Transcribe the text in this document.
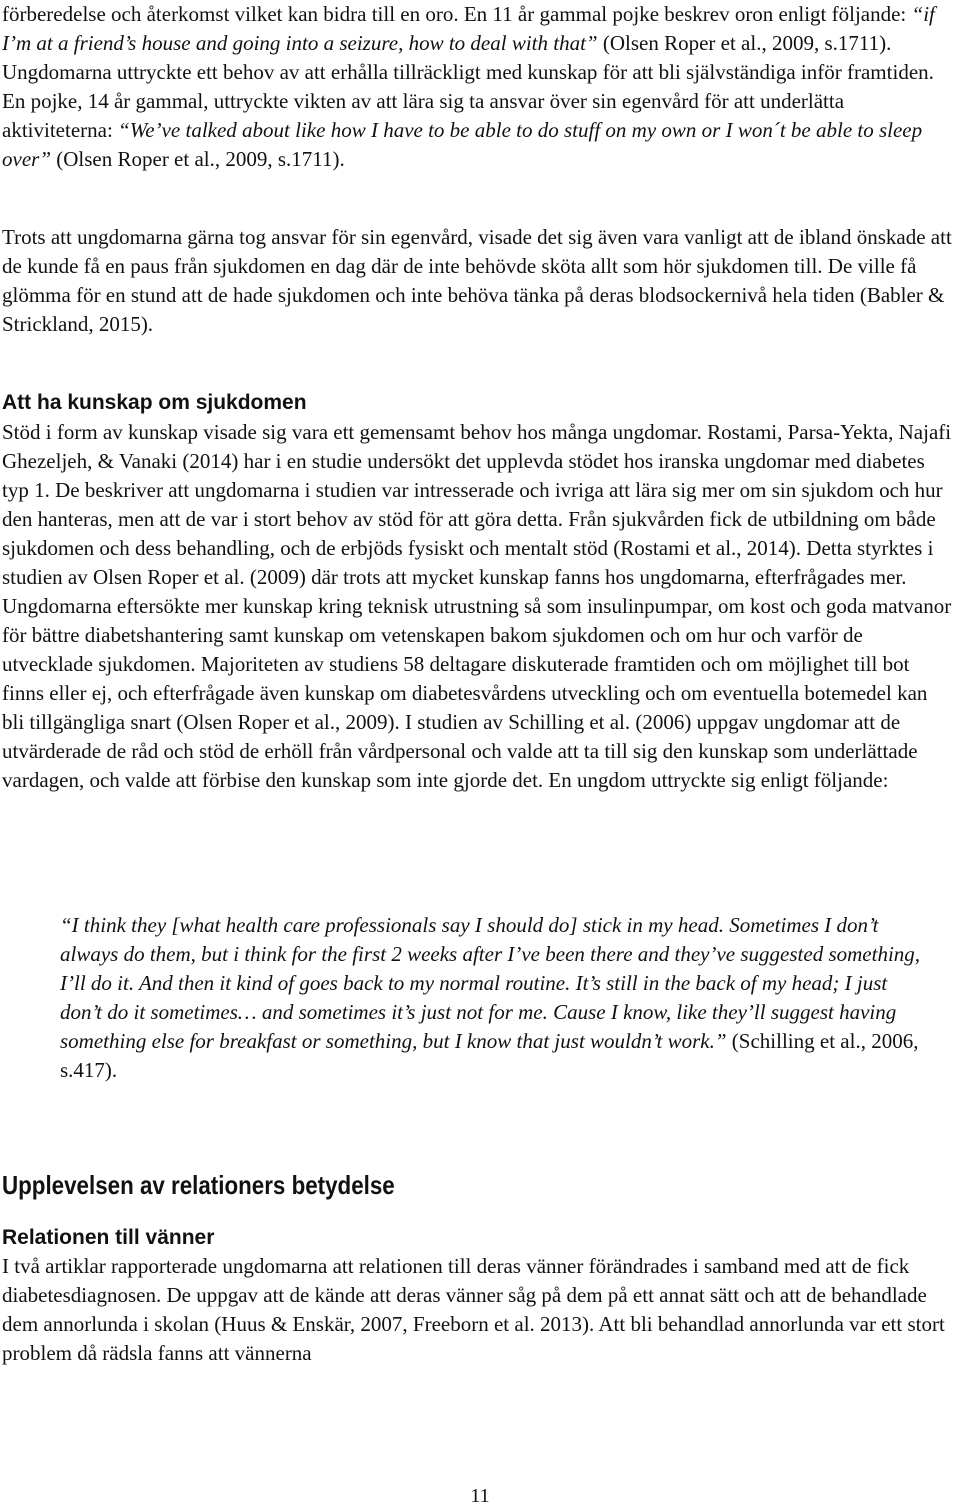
förberedelse och återkomst vilket kan bidra till en oro. En 11 år gammal pojke beskrev oron enligt följande: “if I’m at a friend’s house and going into a seizure, how to deal with that” (Olsen Roper et al., 2009, s.1711). Ungdomarna uttryckte ett behov av att erhålla tillräckligt med kunskap för att bli självständiga inför framtiden. En pojke, 14 år gammal, uttryckte vikten av att lära sig ta ansvar över sin egenvård för att underlätta aktiviteterna: “We’ve talked about like how I have to be able to do stuff on my own or I won´t be able to sleep over” (Olsen Roper et al., 2009, s.1711).

Trots att ungdomarna gärna tog ansvar för sin egenvård, visade det sig även vara vanligt att de ibland önskade att de kunde få en paus från sjukdomen en dag där de inte behövde sköta allt som hör sjukdomen till. De ville få glömma för en stund att de hade sjukdomen och inte behöva tänka på deras blodsockernivå hela tiden (Babler & Strickland, 2015).

Att ha kunskap om sjukdomen

Stöd i form av kunskap visade sig vara ett gemensamt behov hos många ungdomar. Rostami, Parsa-Yekta, Najafi Ghezeljeh, & Vanaki (2014) har i en studie undersökt det upplevda stödet hos iranska ungdomar med diabetes typ 1. De beskriver att ungdomarna i studien var intresserade och ivriga att lära sig mer om sin sjukdom och hur den hanteras, men att de var i stort behov av stöd för att göra detta. Från sjukvården fick de utbildning om både sjukdomen och dess behandling, och de erbjöds fysiskt och mentalt stöd (Rostami et al., 2014). Detta styrktes i studien av Olsen Roper et al. (2009) där trots att mycket kunskap fanns hos ungdomarna, efterfrågades mer. Ungdomarna eftersökte mer kunskap kring teknisk utrustning så som insulinpumpar, om kost och goda matvanor för bättre diabetshantering samt kunskap om vetenskapen bakom sjukdomen och om hur och varför de utvecklade sjukdomen. Majoriteten av studiens 58 deltagare diskuterade framtiden och om möjlighet till bot finns eller ej, och efterfrågade även kunskap om diabetesvårdens utveckling och om eventuella botemedel kan bli tillgängliga snart (Olsen Roper et al., 2009). I studien av Schilling et al. (2006) uppgav ungdomar att de utvärderade de råd och stöd de erhöll från vårdpersonal och valde att ta till sig den kunskap som underlättade vardagen, och valde att förbise den kunskap som inte gjorde det. En ungdom uttryckte sig enligt följande:

“I think they [what health care professionals say I should do] stick in my head. Sometimes I don’t always do them, but i think for the first 2 weeks after I’ve been there and they’ve suggested something, I’ll do it. And then it kind of goes back to my normal routine. It’s still in the back of my head; I just don’t do it sometimes… and sometimes it’s just not for me. Cause I know, like they’ll suggest having something else for breakfast or something, but I know that just wouldn’t work.” (Schilling et al., 2006, s.417).

Upplevelsen av relationers betydelse
Relationen till vänner

I två artiklar rapporterade ungdomarna att relationen till deras vänner förändrades i samband med att de fick diabetesdiagnosen. De uppgav att de kände att deras vänner såg på dem på ett annat sätt och att de behandlade dem annorlunda i skolan (Huus & Enskär, 2007, Freeborn et al. 2013). Att bli behandlad annorlunda var ett stort problem då rädsla fanns att vännerna

11
